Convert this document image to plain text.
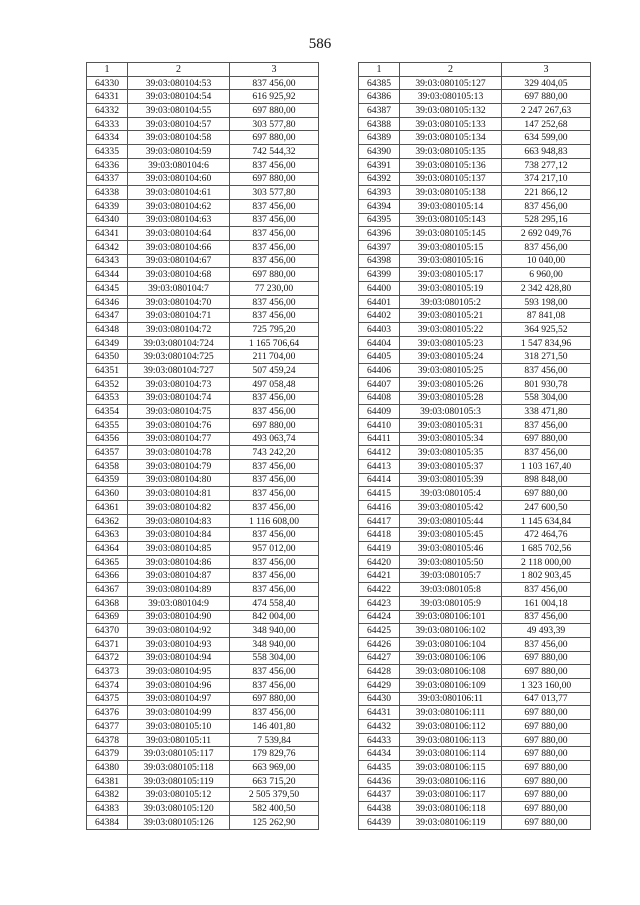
586
1	2	3
64330	39:03:080104:53	837 456,00
64331	39:03:080104:54	616 925,92
64332	39:03:080104:55	697 880,00
64333	39:03:080104:57	303 577,80
64334	39:03:080104:58	697 880,00
64335	39:03:080104:59	742 544,32
64336	39:03:080104:6	837 456,00
64337	39:03:080104:60	697 880,00
64338	39:03:080104:61	303 577,80
64339	39:03:080104:62	837 456,00
64340	39:03:080104:63	837 456,00
64341	39:03:080104:64	837 456,00
64342	39:03:080104:66	837 456,00
64343	39:03:080104:67	837 456,00
64344	39:03:080104:68	697 880,00
64345	39:03:080104:7	77 230,00
64346	39:03:080104:70	837 456,00
64347	39:03:080104:71	837 456,00
64348	39:03:080104:72	725 795,20
64349	39:03:080104:724	1 165 706,64
64350	39:03:080104:725	211 704,00
64351	39:03:080104:727	507 459,24
64352	39:03:080104:73	497 058,48
64353	39:03:080104:74	837 456,00
64354	39:03:080104:75	837 456,00
64355	39:03:080104:76	697 880,00
64356	39:03:080104:77	493 063,74
64357	39:03:080104:78	743 242,20
64358	39:03:080104:79	837 456,00
64359	39:03:080104:80	837 456,00
64360	39:03:080104:81	837 456,00
64361	39:03:080104:82	837 456,00
64362	39:03:080104:83	1 116 608,00
64363	39:03:080104:84	837 456,00
64364	39:03:080104:85	957 012,00
64365	39:03:080104:86	837 456,00
64366	39:03:080104:87	837 456,00
64367	39:03:080104:89	837 456,00
64368	39:03:080104:9	474 558,40
64369	39:03:080104:90	842 004,00
64370	39:03:080104:92	348 940,00
64371	39:03:080104:93	348 940,00
64372	39:03:080104:94	558 304,00
64373	39:03:080104:95	837 456,00
64374	39:03:080104:96	837 456,00
64375	39:03:080104:97	697 880,00
64376	39:03:080104:99	837 456,00
64377	39:03:080105:10	146 401,80
64378	39:03:080105:11	7 539,84
64379	39:03:080105:117	179 829,76
64380	39:03:080105:118	663 969,00
64381	39:03:080105:119	663 715,20
64382	39:03:080105:12	2 505 379,50
64383	39:03:080105:120	582 400,50
64384	39:03:080105:126	125 262,90
1	2	3
64385	39:03:080105:127	329 404,05
64386	39:03:080105:13	697 880,00
64387	39:03:080105:132	2 247 267,63
64388	39:03:080105:133	147 252,68
64389	39:03:080105:134	634 599,00
64390	39:03:080105:135	663 948,83
64391	39:03:080105:136	738 277,12
64392	39:03:080105:137	374 217,10
64393	39:03:080105:138	221 866,12
64394	39:03:080105:14	837 456,00
64395	39:03:080105:143	528 295,16
64396	39:03:080105:145	2 692 049,76
64397	39:03:080105:15	837 456,00
64398	39:03:080105:16	10 040,00
64399	39:03:080105:17	6 960,00
64400	39:03:080105:19	2 342 428,80
64401	39:03:080105:2	593 198,00
64402	39:03:080105:21	87 841,08
64403	39:03:080105:22	364 925,52
64404	39:03:080105:23	1 547 834,96
64405	39:03:080105:24	318 271,50
64406	39:03:080105:25	837 456,00
64407	39:03:080105:26	801 930,78
64408	39:03:080105:28	558 304,00
64409	39:03:080105:3	338 471,80
64410	39:03:080105:31	837 456,00
64411	39:03:080105:34	697 880,00
64412	39:03:080105:35	837 456,00
64413	39:03:080105:37	1 103 167,40
64414	39:03:080105:39	898 848,00
64415	39:03:080105:4	697 880,00
64416	39:03:080105:42	247 600,50
64417	39:03:080105:44	1 145 634,84
64418	39:03:080105:45	472 464,76
64419	39:03:080105:46	1 685 702,56
64420	39:03:080105:50	2 118 000,00
64421	39:03:080105:7	1 802 903,45
64422	39:03:080105:8	837 456,00
64423	39:03:080105:9	161 004,18
64424	39:03:080106:101	837 456,00
64425	39:03:080106:102	49 493,39
64426	39:03:080106:104	837 456,00
64427	39:03:080106:106	697 880,00
64428	39:03:080106:108	697 880,00
64429	39:03:080106:109	1 323 160,00
64430	39:03:080106:11	647 013,77
64431	39:03:080106:111	697 880,00
64432	39:03:080106:112	697 880,00
64433	39:03:080106:113	697 880,00
64434	39:03:080106:114	697 880,00
64435	39:03:080106:115	697 880,00
64436	39:03:080106:116	697 880,00
64437	39:03:080106:117	697 880,00
64438	39:03:080106:118	697 880,00
64439	39:03:080106:119	697 880,00
